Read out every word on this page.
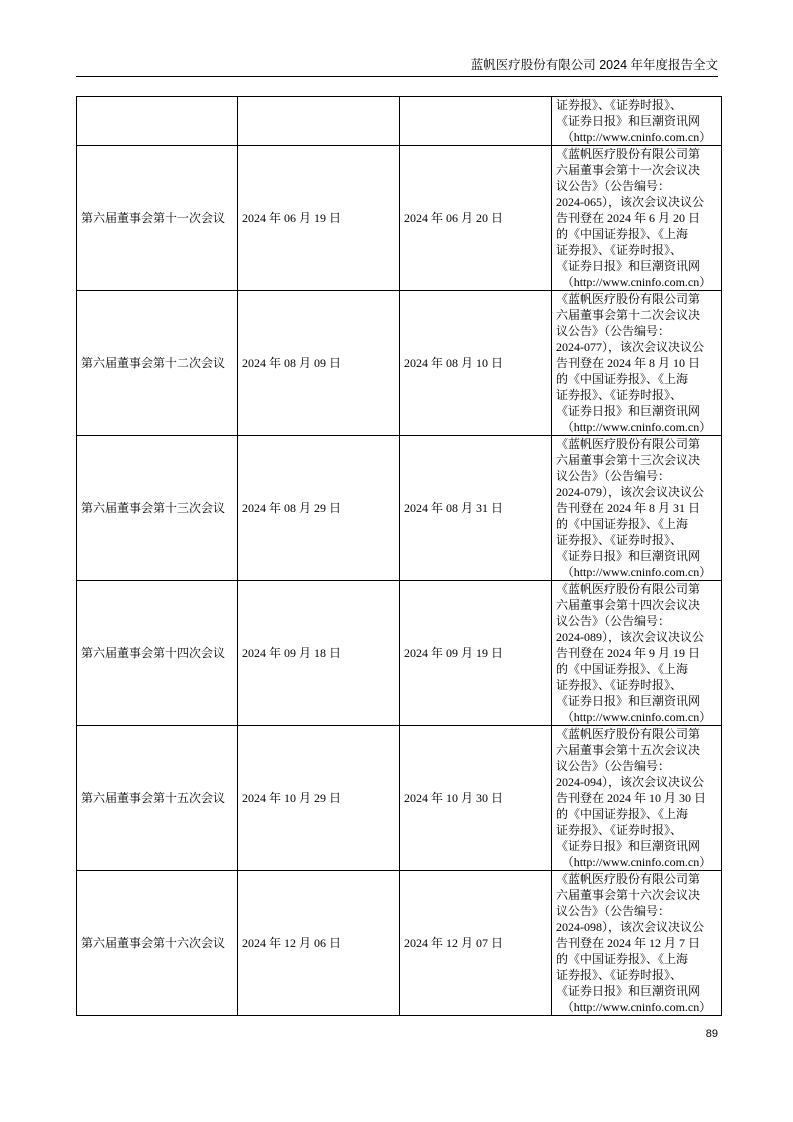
蓝帆医疗股份有限公司 2024 年年度报告全文

			证券报》、《证券时报》、
《证券日报》和巨潮资讯网
（http://www.cninfo.com.cn）

第六届董事会第十一次会议	2024 年 06 月 19 日	2024 年 06 月 20 日	
《蓝帆医疗股份有限公司第
六届董事会第十一次会议决
议公告》（公告编号：
2024-065），该次会议决议公
告刊登在 2024 年 6 月 20 日
的《中国证券报》、《上海
证券报》、《证券时报》、
《证券日报》和巨潮资讯网
（http://www.cninfo.com.cn）

第六届董事会第十二次会议	2024 年 08 月 09 日	2024 年 08 月 10 日	
《蓝帆医疗股份有限公司第
六届董事会第十二次会议决
议公告》（公告编号：
2024-077），该次会议决议公
告刊登在 2024 年 8 月 10 日
的《中国证券报》、《上海
证券报》、《证券时报》、
《证券日报》和巨潮资讯网
（http://www.cninfo.com.cn）

第六届董事会第十三次会议	2024 年 08 月 29 日	2024 年 08 月 31 日	
《蓝帆医疗股份有限公司第
六届董事会第十三次会议决
议公告》（公告编号：
2024-079），该次会议决议公
告刊登在 2024 年 8 月 31 日
的《中国证券报》、《上海
证券报》、《证券时报》、
《证券日报》和巨潮资讯网
（http://www.cninfo.com.cn）

第六届董事会第十四次会议	2024 年 09 月 18 日	2024 年 09 月 19 日	
《蓝帆医疗股份有限公司第
六届董事会第十四次会议决
议公告》（公告编号：
2024-089），该次会议决议公
告刊登在 2024 年 9 月 19 日
的《中国证券报》、《上海
证券报》、《证券时报》、
《证券日报》和巨潮资讯网
（http://www.cninfo.com.cn）

第六届董事会第十五次会议	2024 年 10 月 29 日	2024 年 10 月 30 日	
《蓝帆医疗股份有限公司第
六届董事会第十五次会议决
议公告》（公告编号：
2024-094），该次会议决议公
告刊登在 2024 年 10 月 30 日
的《中国证券报》、《上海
证券报》、《证券时报》、
《证券日报》和巨潮资讯网
（http://www.cninfo.com.cn）

第六届董事会第十六次会议	2024 年 12 月 06 日	2024 年 12 月 07 日	
《蓝帆医疗股份有限公司第
六届董事会第十六次会议决
议公告》（公告编号：
2024-098），该次会议决议公
告刊登在 2024 年 12 月 7 日
的《中国证券报》、《上海
证券报》、《证券时报》、
《证券日报》和巨潮资讯网
（http://www.cninfo.com.cn）
89
